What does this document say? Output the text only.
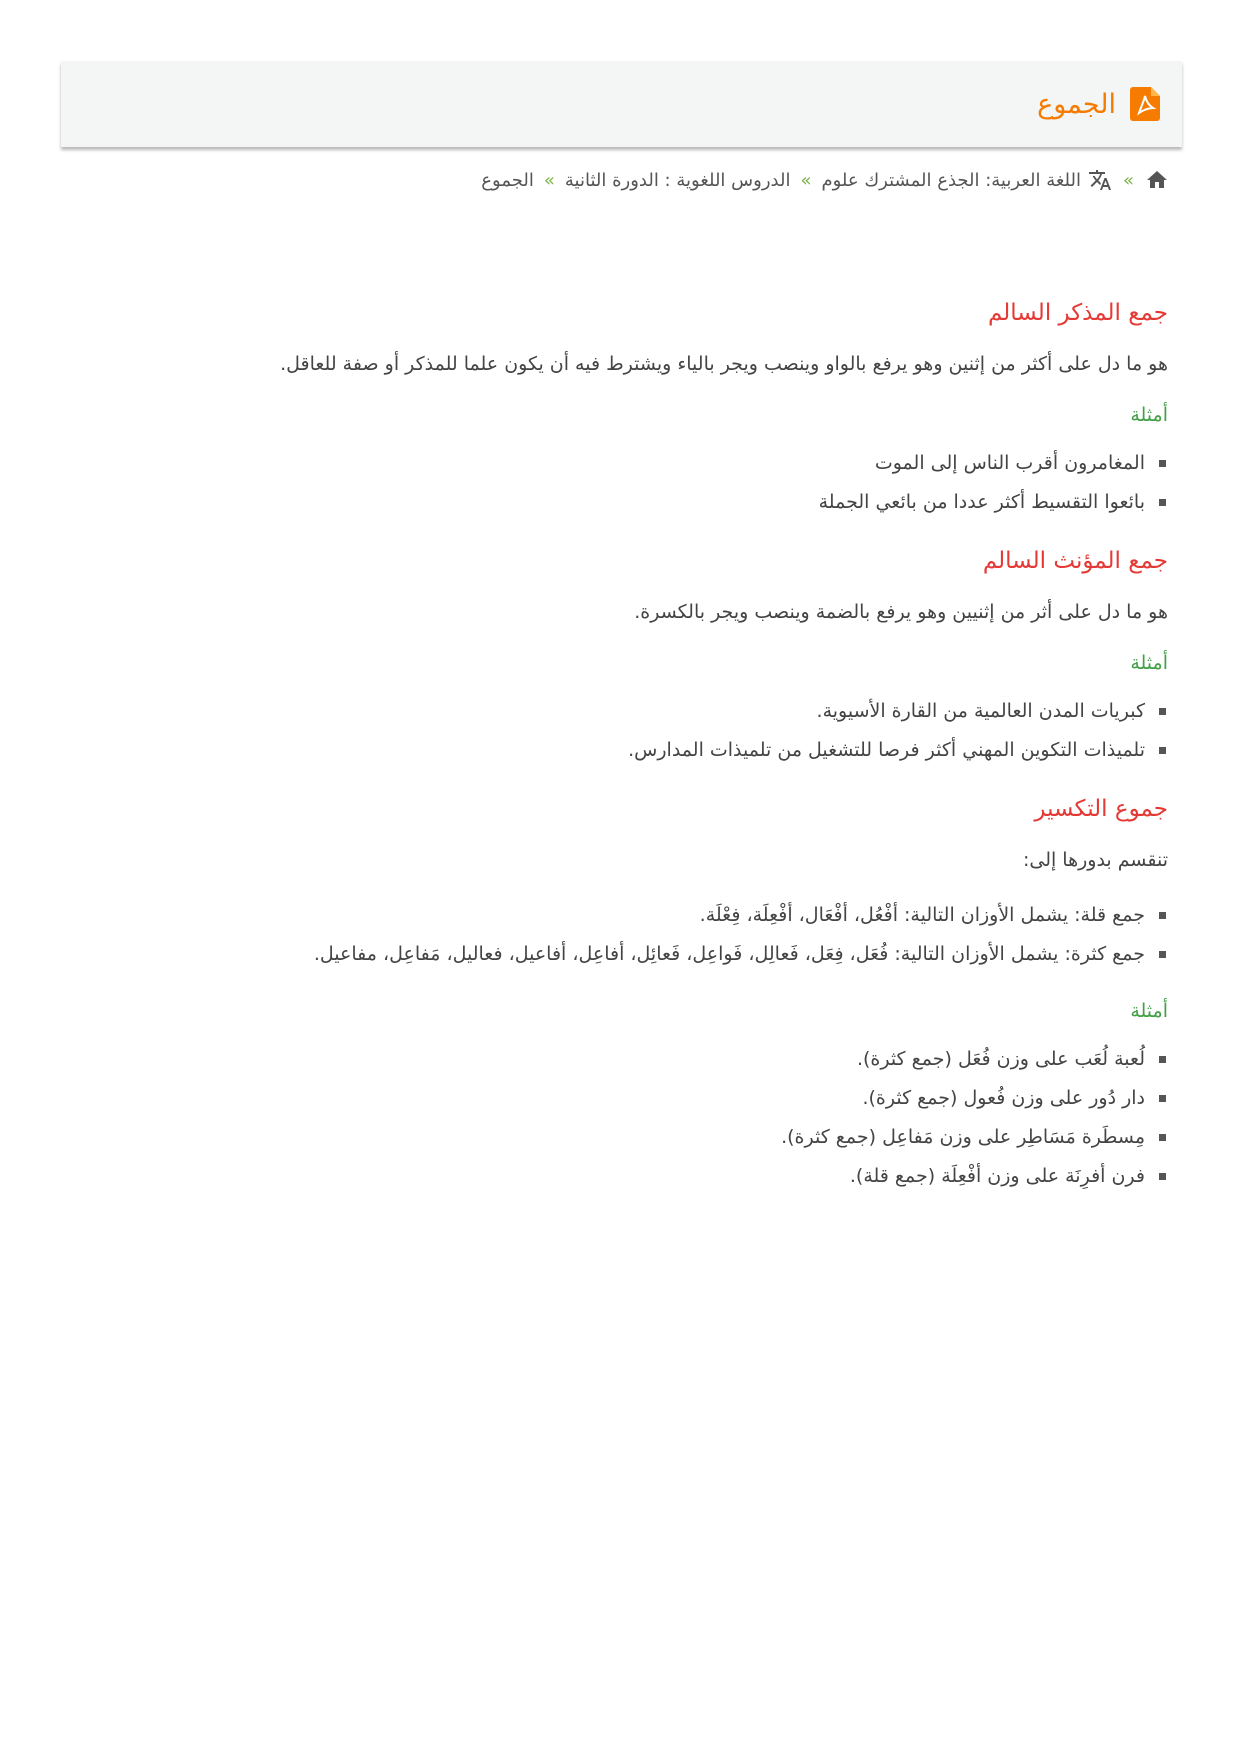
الجموع
»
اللغة العربية: الجذع المشترك علوم
»
الدروس اللغوية : الدورة الثانية
»
الجموع
جمع المذكر السالم

هو ما دل على أكثر من إثنين وهو يرفع بالواو وينصب ويجر بالياء ويشترط فيه أن يكون علما للمذكر أو صفة للعاقل.

أمثلة
المغامرون أقرب الناس إلى الموت
بائعوا التقسيط أكثر عددا من بائعي الجملة
جمع المؤنث السالم

هو ما دل على أثر من إثنيين وهو يرفع بالضمة وينصب ويجر بالكسرة.

أمثلة
كبريات المدن العالمية من القارة الأسيوية.
تلميذات التكوين المهني أكثر فرصا للتشغيل من تلميذات المدارس.
جموع التكسير

تنقسم بدورها إلى:

جمع قلة: يشمل الأوزان التالية: أفْعُل، أفْعَال، أفْعِلَة، فِعْلَة.
جمع كثرة: يشمل الأوزان التالية: فُعَل، فِعَل، فَعالِل، فَواعِل، فَعائِل، أفاعِل، أفاعيل، فعاليل، مَفاعِل، مفاعيل.
أمثلة
لُعبة لُعَب على وزن فُعَل (جمع كثرة).
دار دُور على وزن فُعول (جمع كثرة).
مِسطَرة مَسَاطِر على وزن مَفاعِل (جمع كثرة).
فرن أفرِنَة على وزن أفْعِلَة (جمع قلة).
